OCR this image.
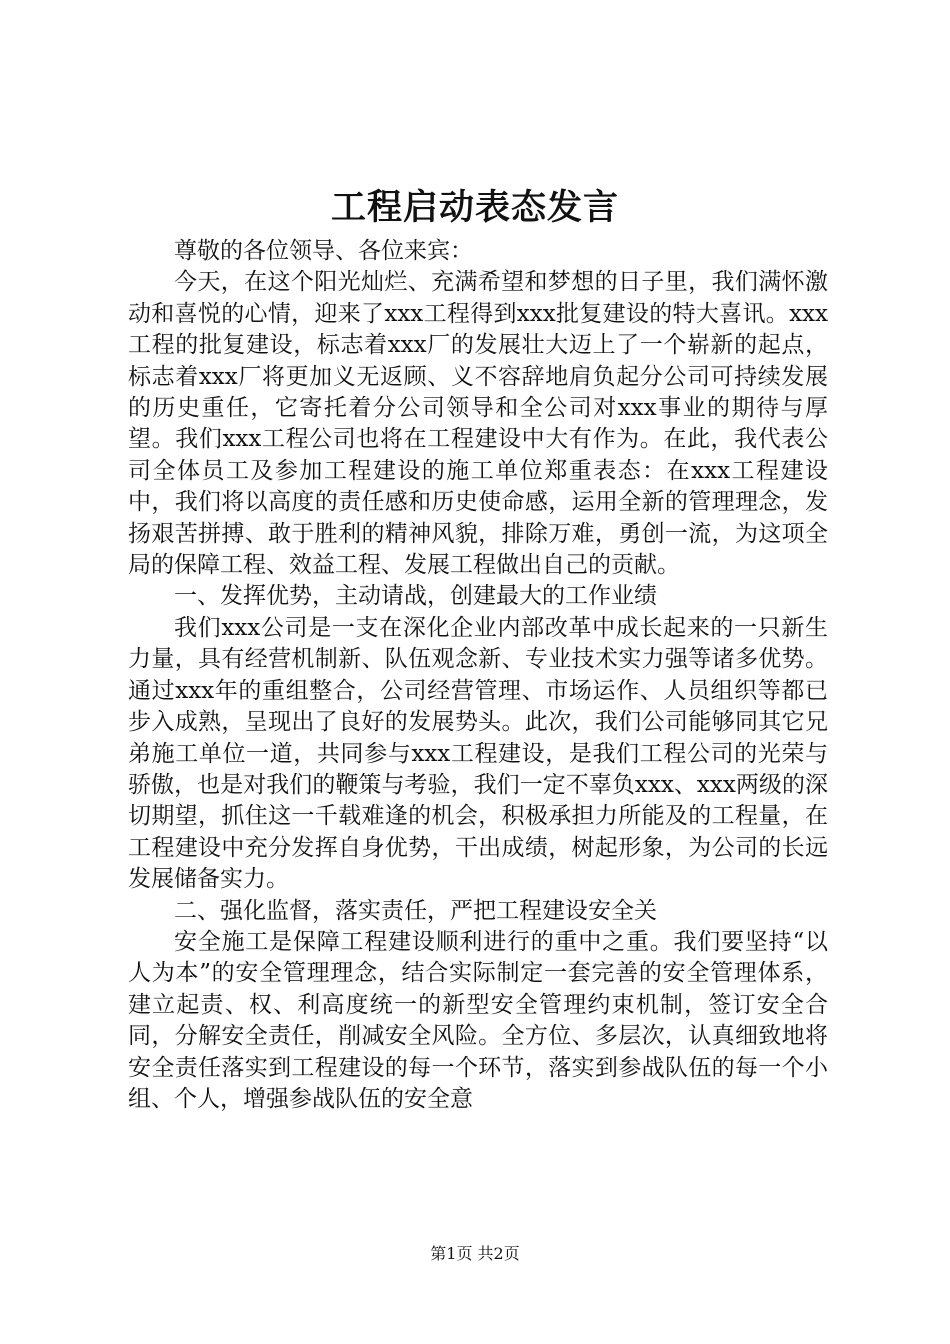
工程启动表态发言

尊敬的各位领导、各位来宾：

今天，在这个阳光灿烂、充满希望和梦想的日子里，我们满怀激动和喜悦的心情，迎来了xxx工程得到xxx批复建设的特大喜讯。xxx工程的批复建设，标志着xxx厂的发展壮大迈上了一个崭新的起点，标志着xxx厂将更加义无返顾、义不容辞地肩负起分公司可持续发展的历史重任，它寄托着分公司领导和全公司对xxx事业的期待与厚望。我们xxx工程公司也将在工程建设中大有作为。在此，我代表公司全体员工及参加工程建设的施工单位郑重表态：在xxx工程建设中，我们将以高度的责任感和历史使命感，运用全新的管理理念，发扬艰苦拼搏、敢于胜利的精神风貌，排除万难，勇创一流，为这项全局的保障工程、效益工程、发展工程做出自己的贡献。

一、发挥优势，主动请战，创建最大的工作业绩

我们xxx公司是一支在深化企业内部改革中成长起来的一只新生力量，具有经营机制新、队伍观念新、专业技术实力强等诸多优势。通过xxx年的重组整合，公司经营管理、市场运作、人员组织等都已步入成熟，呈现出了良好的发展势头。此次，我们公司能够同其它兄弟施工单位一道，共同参与xxx工程建设，是我们工程公司的光荣与骄傲，也是对我们的鞭策与考验，我们一定不辜负xxx、xxx两级的深切期望，抓住这一千载难逢的机会，积极承担力所能及的工程量，在工程建设中充分发挥自身优势，干出成绩，树起形象，为公司的长远发展储备实力。

二、强化监督，落实责任，严把工程建设安全关

安全施工是保障工程建设顺利进行的重中之重。我们要坚持“以人为本”的安全管理理念，结合实际制定一套完善的安全管理体系，建立起责、权、利高度统一的新型安全管理约束机制，签订安全合同，分解安全责任，削减安全风险。全方位、多层次，认真细致地将安全责任落实到工程建设的每一个环节，落实到参战队伍的每一个小组、个人，增强参战队伍的安全意

第1页 共2页
